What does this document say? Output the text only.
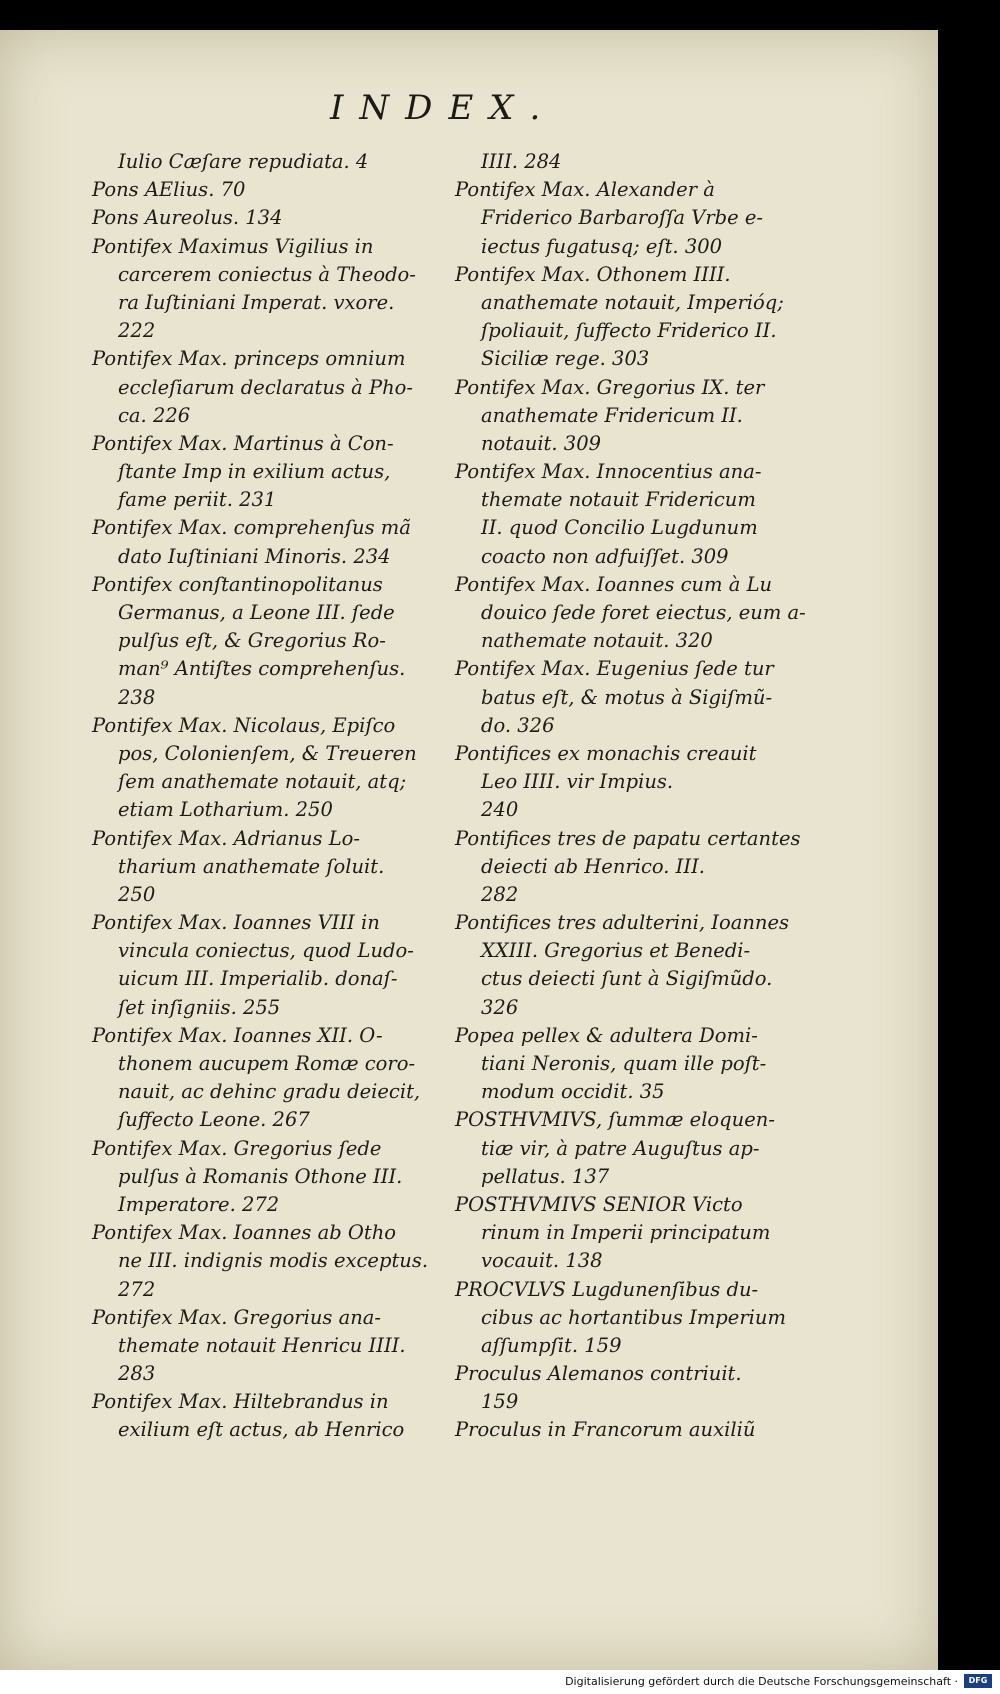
INDEX.
Iulio Cæſare repudiata. 4
Pons AElius. 70
Pons Aureolus. 134
Pontifex Maximus Vigilius in
carcerem coniectus à Theodo-
ra Iuſtiniani Imperat. vxore.
222
Pontifex Max. princeps omnium
eccleſiarum declaratus à Pho-
ca. 226
Pontifex Max. Martinus à Con-
ſtante Imp in exilium actus,
fame periit. 231
Pontifex Max. comprehenſus mã
dato Iuſtiniani Minoris. 234
Pontifex conſtantinopolitanus
Germanus, a Leone III. ſede
pulſus eſt, & Gregorius Ro-
man⁹ Antiſtes comprehenſus.
238
Pontifex Max. Nicolaus, Epiſco
pos, Colonienſem, & Treueren
ſem anathemate notauit, atq;
etiam Lotharium. 250
Pontifex Max. Adrianus Lo-
tharium anathemate ſoluit.
250
Pontifex Max. Ioannes VIII in
vincula coniectus, quod Ludo-
uicum III. Imperialib. donaſ-
ſet inſigniis. 255
Pontifex Max. Ioannes XII. O-
thonem aucupem Romæ coro-
nauit, ac dehinc gradu deiecit,
ſuffecto Leone. 267
Pontifex Max. Gregorius ſede
pulſus à Romanis Othone III.
Imperatore. 272
Pontifex Max. Ioannes ab Otho
ne III. indignis modis exceptus.
272
Pontifex Max. Gregorius ana-
themate notauit Henricu IIII.
283
Pontifex Max. Hiltebrandus in
exilium eſt actus, ab Henrico
IIII. 284
Pontifex Max. Alexander à
Friderico Barbaroſſa Vrbe e-
iectus fugatusq; eſt. 300
Pontifex Max. Othonem IIII.
anathemate notauit, Imperióq;
ſpoliauit, ſuffecto Friderico II.
Siciliæ rege. 303
Pontifex Max. Gregorius IX. ter
anathemate Fridericum II.
notauit. 309
Pontifex Max. Innocentius ana-
themate notauit Fridericum
II. quod Concilio Lugdunum
coacto non adfuiſſet. 309
Pontifex Max. Ioannes cum à Lu
douico ſede foret eiectus, eum a-
nathemate notauit. 320
Pontifex Max. Eugenius ſede tur
batus eſt, & motus à Sigiſmũ-
do. 326
Pontifices ex monachis creauit
Leo IIII. vir Impius.
240
Pontifices tres de papatu certantes
deiecti ab Henrico. III.
282
Pontifices tres adulterini, Ioannes
XXIII. Gregorius et Benedi-
ctus deiecti ſunt à Sigiſmũdo.
326
Popea pellex & adultera Domi-
tiani Neronis, quam ille poſt-
modum occidit. 35
POSTHVMIVS, ſummæ eloquen-
tiæ vir, à patre Auguſtus ap-
pellatus. 137
POSTHVMIVS SENIOR Victo
rinum in Imperii principatum
vocauit. 138
PROCVLVS Lugdunenſibus du-
cibus ac hortantibus Imperium
aſſumpſit. 159
Proculus Alemanos contriuit.
159
Proculus in Francorum auxiliũ
Digitalisierung gefördert durch die Deutsche Forschungsgemeinschaft ·	DFG
